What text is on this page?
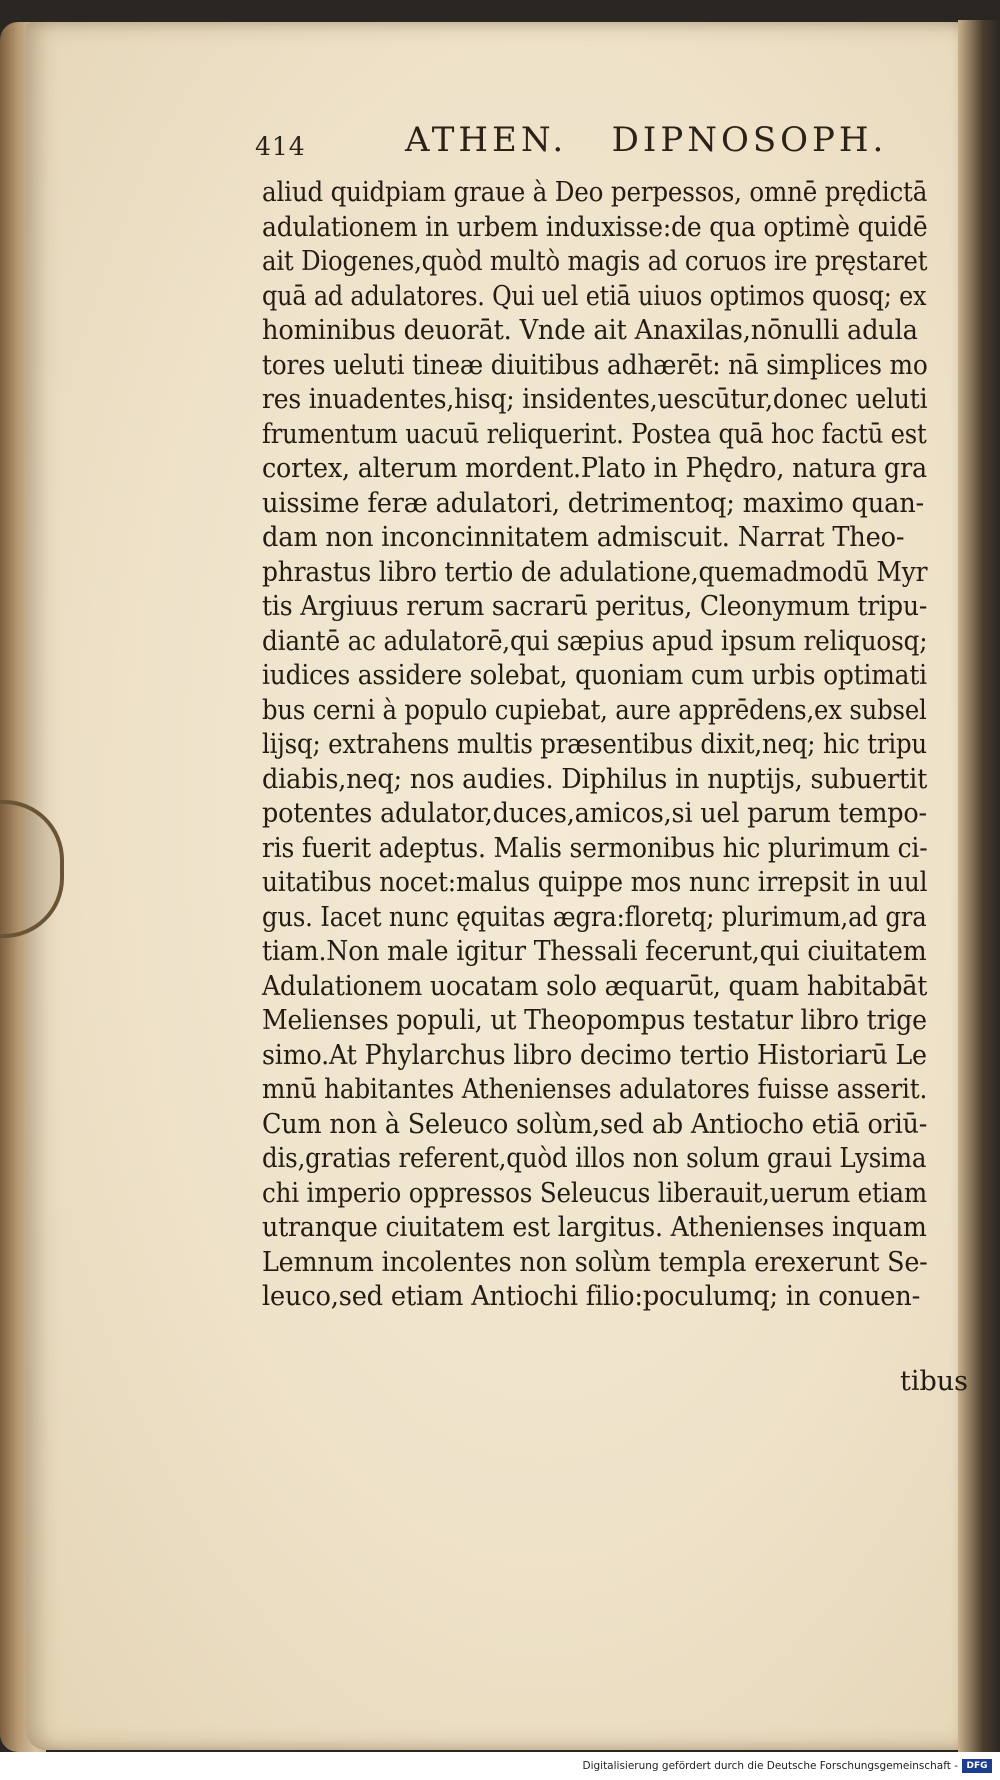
414	ATHEN.   DIPNOSOPH.
aliud quidpiam graue à Deo perpessos, omnē prędictā
adulationem in urbem induxisse:de qua optimè quidē
ait Diogenes,quòd multò magis ad coruos ire pręstaret
quā ad adulatores. Qui uel etiā uiuos optimos quosq; ex
hominibus deuorāt. Vnde ait Anaxilas,nōnulli adula
tores ueluti tineæ diuitibus adhærēt: nā simplices mo
res inuadentes,hisq; insidentes,uescūtur,donec ueluti
frumentum uacuū reliquerint. Postea quā hoc factū est
cortex, alterum mordent.Plato in Phędro, natura gra
uissime feræ adulatori, detrimentoq; maximo quan-
dam non inconcinnitatem admiscuit. Narrat Theo-
phrastus libro tertio de adulatione,quemadmodū Myr
tis Argiuus rerum sacrarū peritus, Cleonymum tripu-
diantē ac adulatorē,qui sæpius apud ipsum reliquosq;
iudices assidere solebat, quoniam cum urbis optimati
bus cerni à populo cupiebat, aure apprēdens,ex subsel
lijsq; extrahens multis præsentibus dixit,neq; hic tripu
diabis,neq; nos audies. Diphilus in nuptijs, subuertit
potentes adulator,duces,amicos,si uel parum tempo-
ris fuerit adeptus. Malis sermonibus hic plurimum ci-
uitatibus nocet:malus quippe mos nunc irrepsit in uul
gus. Iacet nunc ęquitas ægra:floretq; plurimum,ad gra
tiam.Non male igitur Thessali fecerunt,qui ciuitatem
Adulationem uocatam solo æquarūt, quam habitabāt
Melienses populi, ut Theopompus testatur libro trige
simo.At Phylarchus libro decimo tertio Historiarū Le
mnū habitantes Athenienses adulatores fuisse asserit.
Cum non à Seleuco solùm,sed ab Antiocho etiā oriū-
dis,gratias referent,quòd illos non solum graui Lysima
chi imperio oppressos Seleucus liberauit,uerum etiam
utranque ciuitatem est largitus. Athenienses inquam
Lemnum incolentes non solùm templa erexerunt Se-
leuco,sed etiam Antiochi filio:poculumq; in conuen-
tibus
Digitalisierung gefördert durch die Deutsche Forschungsgemeinschaft - DFG
